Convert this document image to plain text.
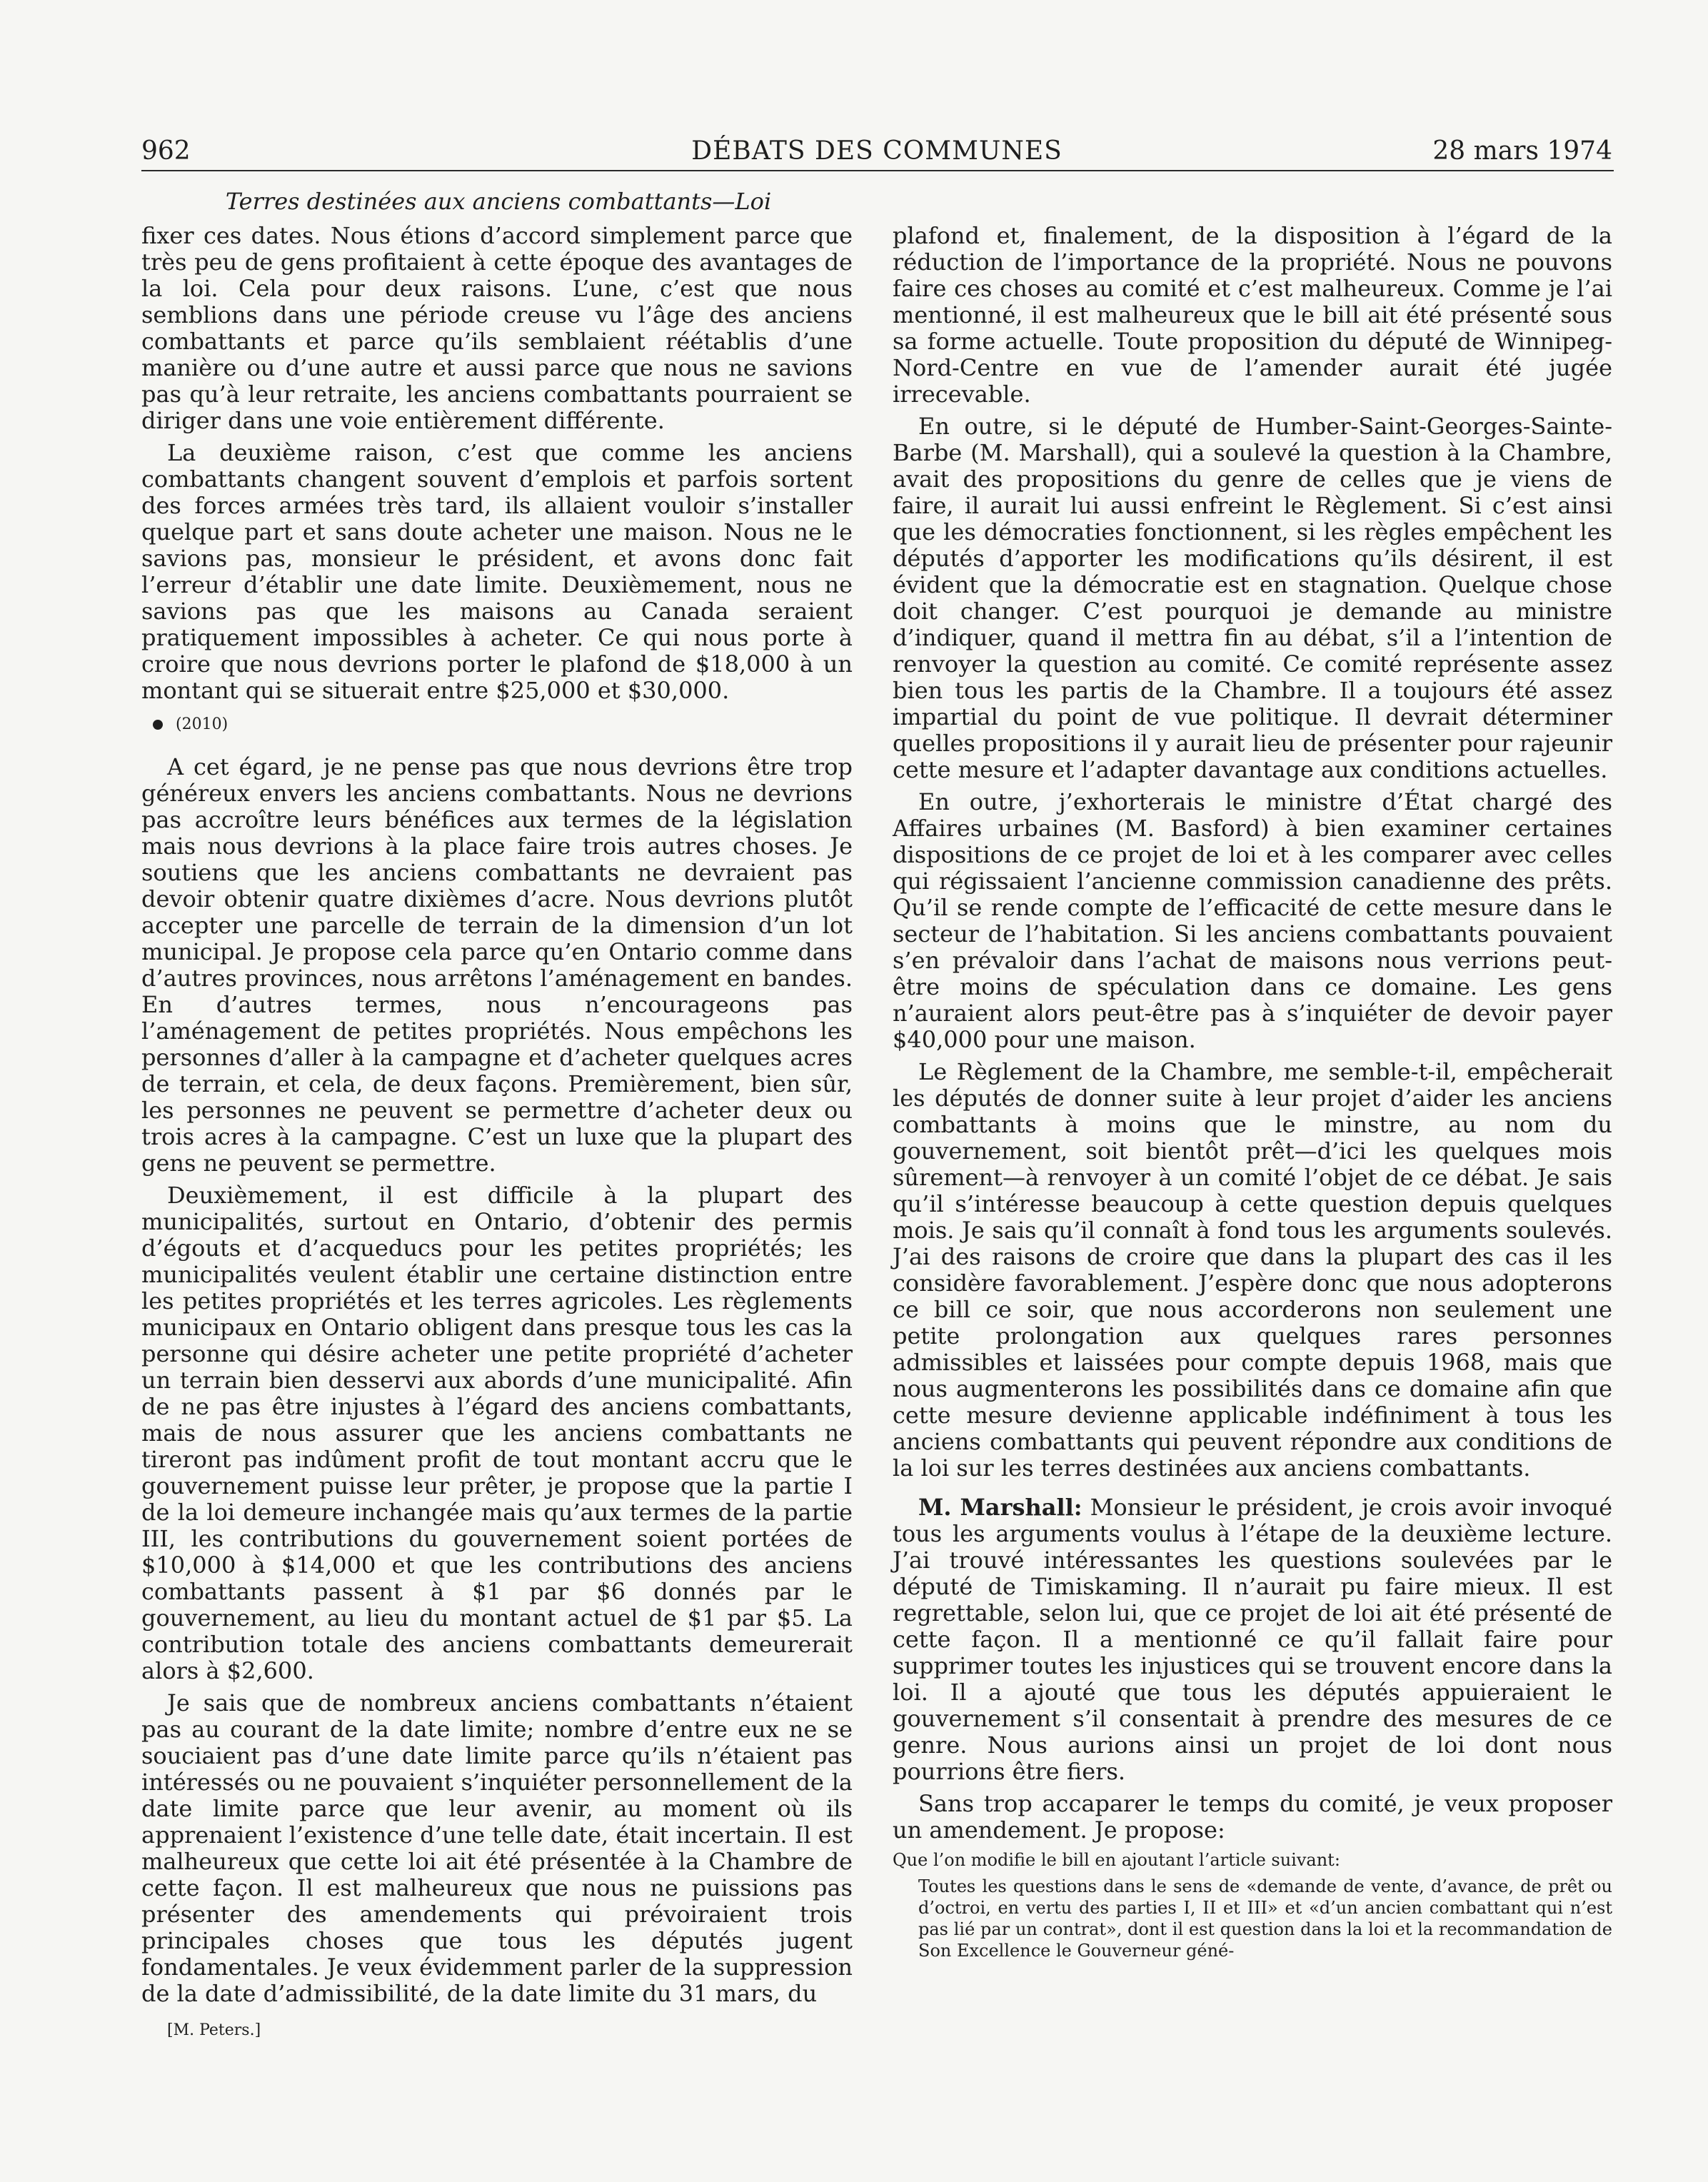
962	DÉBATS DES COMMUNES	28 mars 1974
Terres destinées aux anciens combattants—Loi

fixer ces dates. Nous étions d’accord simplement parce que très peu de gens profitaient à cette époque des avantages de la loi. Cela pour deux raisons. L’une, c’est que nous semblions dans une période creuse vu l’âge des anciens combattants et parce qu’ils semblaient réétablis d’une manière ou d’une autre et aussi parce que nous ne savions pas qu’à leur retraite, les anciens combattants pourraient se diriger dans une voie entièrement différente.

La deuxième raison, c’est que comme les anciens combattants changent souvent d’emplois et parfois sortent des forces armées très tard, ils allaient vouloir s’installer quelque part et sans doute acheter une maison. Nous ne le savions pas, monsieur le président, et avons donc fait l’erreur d’établir une date limite. Deuxièmement, nous ne savions pas que les maisons au Canada seraient pratiquement impossibles à acheter. Ce qui nous porte à croire que nous devrions porter le plafond de $18,000 à un montant qui se situerait entre $25,000 et $30,000.

(2010)

A cet égard, je ne pense pas que nous devrions être trop généreux envers les anciens combattants. Nous ne devrions pas accroître leurs bénéfices aux termes de la législation mais nous devrions à la place faire trois autres choses. Je soutiens que les anciens combattants ne devraient pas devoir obtenir quatre dixièmes d’acre. Nous devrions plutôt accepter une parcelle de terrain de la dimension d’un lot municipal. Je propose cela parce qu’en Ontario comme dans d’autres provinces, nous arrêtons l’aménagement en bandes. En d’autres termes, nous n’encourageons pas l’aménagement de petites propriétés. Nous empêchons les personnes d’aller à la campagne et d’acheter quelques acres de terrain, et cela, de deux façons. Premièrement, bien sûr, les personnes ne peuvent se permettre d’acheter deux ou trois acres à la campagne. C’est un luxe que la plupart des gens ne peuvent se permettre.

Deuxièmement, il est difficile à la plupart des municipalités, surtout en Ontario, d’obtenir des permis d’égouts et d’acqueducs pour les petites propriétés; les municipalités veulent établir une certaine distinction entre les petites propriétés et les terres agricoles. Les règlements municipaux en Ontario obligent dans presque tous les cas la personne qui désire acheter une petite propriété d’acheter un terrain bien desservi aux abords d’une municipalité. Afin de ne pas être injustes à l’égard des anciens combattants, mais de nous assurer que les anciens combattants ne tireront pas indûment profit de tout montant accru que le gouvernement puisse leur prêter, je propose que la partie I de la loi demeure inchangée mais qu’aux termes de la partie III, les contributions du gouvernement soient portées de $10,000 à $14,000 et que les contributions des anciens combattants passent à $1 par $6 donnés par le gouvernement, au lieu du montant actuel de $1 par $5. La contribution totale des anciens combattants demeurerait alors à $2,600.

Je sais que de nombreux anciens combattants n’étaient pas au courant de la date limite; nombre d’entre eux ne se souciaient pas d’une date limite parce qu’ils n’étaient pas intéressés ou ne pouvaient s’inquiéter personnellement de la date limite parce que leur avenir, au moment où ils apprenaient l’existence d’une telle date, était incertain. Il est malheureux que cette loi ait été présentée à la Chambre de cette façon. Il est malheureux que nous ne puissions pas présenter des amendements qui prévoiraient trois principales choses que tous les députés jugent fondamentales. Je veux évidemment parler de la suppression de la date d’admissibilité, de la date limite du 31 mars, du

[M. Peters.]

plafond et, finalement, de la disposition à l’égard de la réduction de l’importance de la propriété. Nous ne pouvons faire ces choses au comité et c’est malheureux. Comme je l’ai mentionné, il est malheureux que le bill ait été présenté sous sa forme actuelle. Toute proposition du député de Winnipeg-Nord-Centre en vue de l’amender aurait été jugée irrecevable.

En outre, si le député de Humber-Saint-Georges-Sainte-Barbe (M. Marshall), qui a soulevé la question à la Chambre, avait des propositions du genre de celles que je viens de faire, il aurait lui aussi enfreint le Règlement. Si c’est ainsi que les démocraties fonctionnent, si les règles empêchent les députés d’apporter les modifications qu’ils désirent, il est évident que la démocratie est en stagnation. Quelque chose doit changer. C’est pourquoi je demande au ministre d’indiquer, quand il mettra fin au débat, s’il a l’intention de renvoyer la question au comité. Ce comité représente assez bien tous les partis de la Chambre. Il a toujours été assez impartial du point de vue politique. Il devrait déterminer quelles propositions il y aurait lieu de présenter pour rajeunir cette mesure et l’adapter davantage aux conditions actuelles.

En outre, j’exhorterais le ministre d’État chargé des Affaires urbaines (M. Basford) à bien examiner certaines dispositions de ce projet de loi et à les comparer avec celles qui régissaient l’ancienne commission canadienne des prêts. Qu’il se rende compte de l’efficacité de cette mesure dans le secteur de l’habitation. Si les anciens combattants pouvaient s’en prévaloir dans l’achat de maisons nous verrions peut-être moins de spéculation dans ce domaine. Les gens n’auraient alors peut-être pas à s’inquiéter de devoir payer $40,000 pour une maison.

Le Règlement de la Chambre, me semble-t-il, empêcherait les députés de donner suite à leur projet d’aider les anciens combattants à moins que le minstre, au nom du gouvernement, soit bientôt prêt—d’ici les quelques mois sûrement—à renvoyer à un comité l’objet de ce débat. Je sais qu’il s’intéresse beaucoup à cette question depuis quelques mois. Je sais qu’il connaît à fond tous les arguments soulevés. J’ai des raisons de croire que dans la plupart des cas il les considère favorablement. J’espère donc que nous adopterons ce bill ce soir, que nous accorderons non seulement une petite prolongation aux quelques rares personnes admissibles et laissées pour compte depuis 1968, mais que nous augmenterons les possibilités dans ce domaine afin que cette mesure devienne applicable indéfiniment à tous les anciens combattants qui peuvent répondre aux conditions de la loi sur les terres destinées aux anciens combattants.

M. Marshall: Monsieur le président, je crois avoir invoqué tous les arguments voulus à l’étape de la deuxième lecture. J’ai trouvé intéressantes les questions soulevées par le député de Timiskaming. Il n’aurait pu faire mieux. Il est regrettable, selon lui, que ce projet de loi ait été présenté de cette façon. Il a mentionné ce qu’il fallait faire pour supprimer toutes les injustices qui se trouvent encore dans la loi. Il a ajouté que tous les députés appuieraient le gouvernement s’il consentait à prendre des mesures de ce genre. Nous aurions ainsi un projet de loi dont nous pourrions être fiers.

Sans trop accaparer le temps du comité, je veux proposer un amendement. Je propose:

Que l’on modifie le bill en ajoutant l’article suivant:
Toutes les questions dans le sens de «demande de vente, d’avance, de prêt ou d’octroi, en vertu des parties I, II et III» et «d’un ancien combattant qui n’est pas lié par un contrat», dont il est question dans la loi et la recommandation de Son Excellence le Gouverneur géné-
